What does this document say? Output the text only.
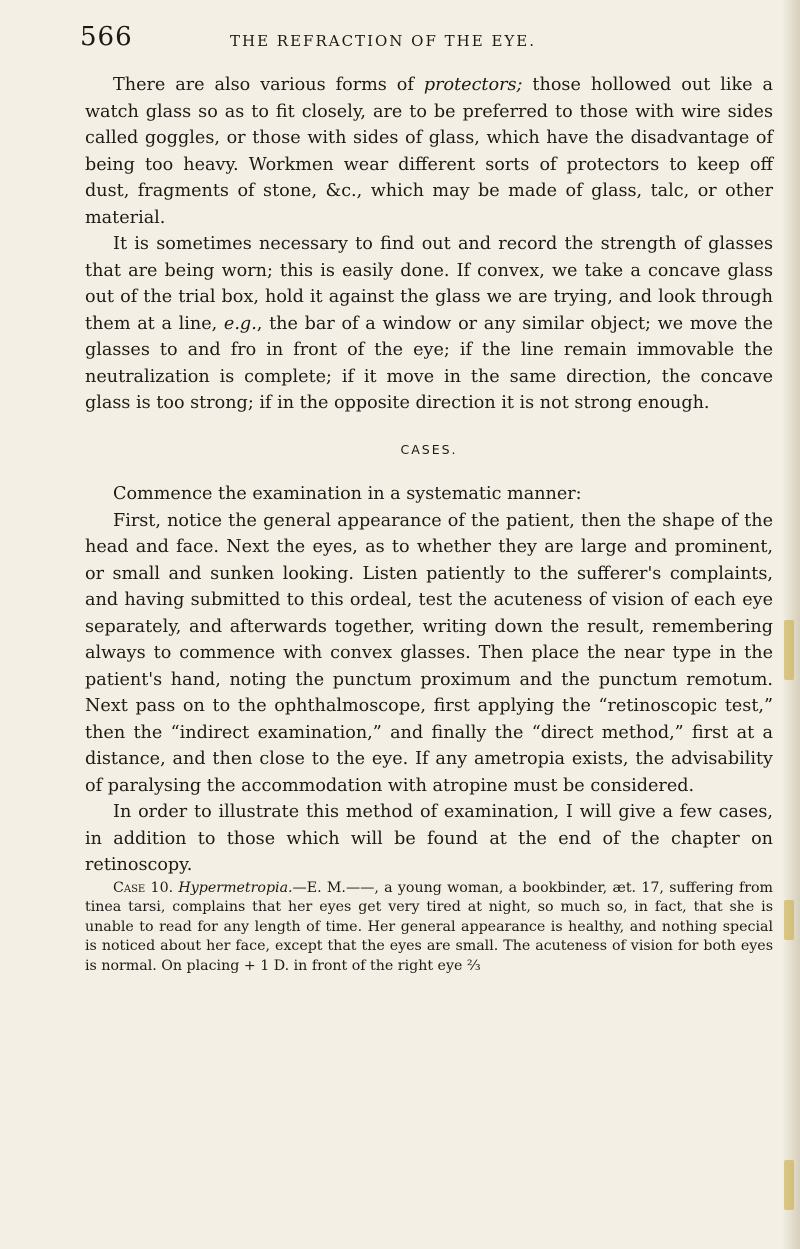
566	THE REFRACTION OF THE EYE.

There are also various forms of protectors; those hollowed out like a watch glass so as to fit closely, are to be preferred to those with wire sides called goggles, or those with sides of glass, which have the disadvantage of being too heavy. Workmen wear different sorts of protectors to keep off dust, fragments of stone, &c., which may be made of glass, talc, or other material.

It is sometimes necessary to find out and record the strength of glasses that are being worn; this is easily done. If convex, we take a concave glass out of the trial box, hold it against the glass we are trying, and look through them at a line, e.g., the bar of a window or any similar object; we move the glasses to and fro in front of the eye; if the line remain immovable the neutralization is complete; if it move in the same direction, the concave glass is too strong; if in the opposite direction it is not strong enough.

CASES.

Commence the examination in a systematic manner:

First, notice the general appearance of the patient, then the shape of the head and face. Next the eyes, as to whether they are large and prominent, or small and sunken looking. Listen patiently to the sufferer's complaints, and having submitted to this ordeal, test the acuteness of vision of each eye separately, and afterwards together, writing down the result, remembering always to commence with convex glasses. Then place the near type in the patient's hand, noting the punctum proximum and the punctum remotum. Next pass on to the ophthalmoscope, first applying the “retinoscopic test,” then the “indirect examination,” and finally the “direct method,” first at a distance, and then close to the eye. If any ametropia exists, the advisability of paralysing the accommodation with atropine must be considered.

In order to illustrate this method of examination, I will give a few cases, in addition to those which will be found at the end of the chapter on retinoscopy.

Case 10. Hypermetropia.—E. M.——, a young woman, a bookbinder, æt. 17, suffering from tinea tarsi, complains that her eyes get very tired at night, so much so, in fact, that she is unable to read for any length of time. Her general appearance is healthy, and nothing special is noticed about her face, except that the eyes are small. The acuteness of vision for both eyes is normal. On placing + 1 D. in front of the right eye ⅔
